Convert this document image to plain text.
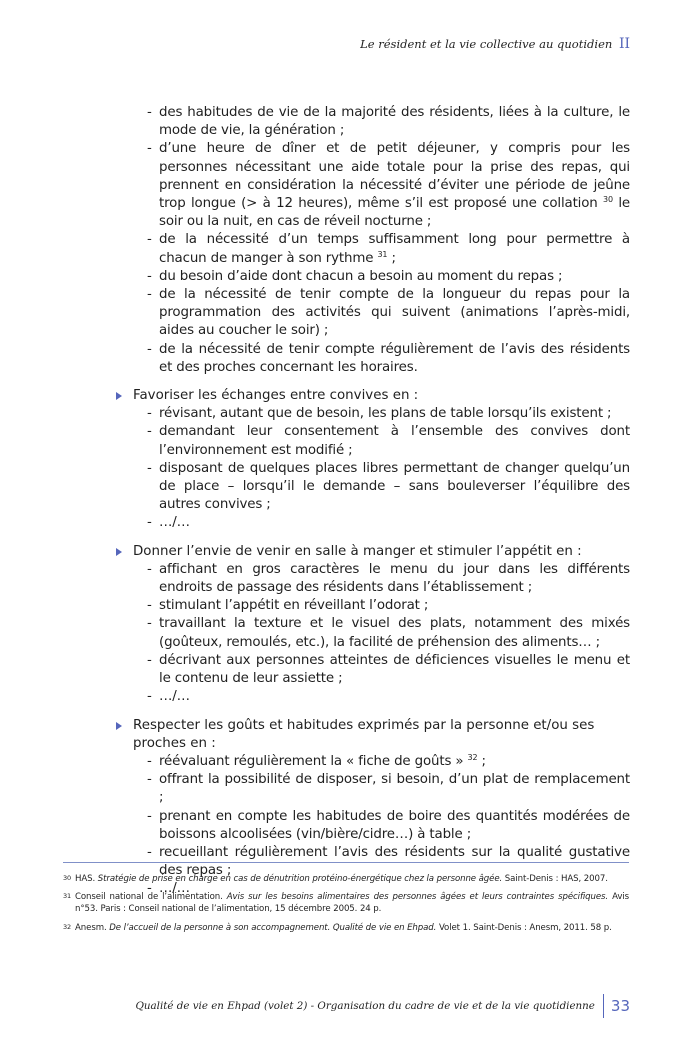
Le résident et la vie collective au quotidien II
- des habitudes de vie de la majorité des résidents, liées à la culture, le mode de vie, la génération ;
- d’une heure de dîner et de petit déjeuner, y compris pour les personnes nécessitant une aide totale pour la prise des repas, qui prennent en considération la nécessité d’éviter une période de jeûne trop longue (> à 12 heures), même s’il est proposé une collation $^{30}$ le soir ou la nuit, en cas de réveil nocturne ;
- de la nécessité d’un temps suffisamment long pour permettre à chacun de manger à son rythme $^{31}$ ;
- du besoin d’aide dont chacun a besoin au moment du repas ;
- de la nécessité de tenir compte de la longueur du repas pour la programmation des activités qui suivent (animations l’après-midi, aides au coucher le soir) ;
- de la nécessité de tenir compte régulièrement de l’avis des résidents et des proches concernant les horaires.
Favoriser les échanges entre convives en :
- révisant, autant que de besoin, les plans de table lorsqu’ils existent ;
- demandant leur consentement à l’ensemble des convives dont l’environnement est modifié ;
- disposant de quelques places libres permettant de changer quelqu’un de place – lorsqu’il le demande – sans bouleverser l’équilibre des autres convives ;
- …/…
Donner l’envie de venir en salle à manger et stimuler l’appétit en :
- affichant en gros caractères le menu du jour dans les différents endroits de passage des résidents dans l’établissement ;
- stimulant l’appétit en réveillant l’odorat ;
- travaillant la texture et le visuel des plats, notamment des mixés (goûteux, remoulés, etc.), la facilité de préhension des aliments… ;
- décrivant aux personnes atteintes de déficiences visuelles le menu et le contenu de leur assiette ;
- …/…
Respecter les goûts et habitudes exprimés par la personne et/ou ses proches en :
- réévaluant régulièrement la « fiche de goûts » $^{32}$ ;
- offrant la possibilité de disposer, si besoin, d’un plat de remplacement ;
- prenant en compte les habitudes de boire des quantités modérées de boissons alcoolisées (vin/bière/cidre…) à table ;
- recueillant régulièrement l’avis des résidents sur la qualité gustative des repas ;
- …/…
30 HAS. Stratégie de prise en charge en cas de dénutrition protéino-énergétique chez la personne âgée. Saint-Denis : HAS, 2007.
31 Conseil national de l’alimentation. Avis sur les besoins alimentaires des personnes âgées et leurs contraintes spécifiques. Avis n°53. Paris : Conseil national de l’alimentation, 15 décembre 2005. 24 p.
32 Anesm. De l’accueil de la personne à son accompagnement. Qualité de vie en Ehpad. Volet 1. Saint-Denis : Anesm, 2011. 58 p.
Qualité de vie en Ehpad (volet 2) - Organisation du cadre de vie et de la vie quotidienne 33
